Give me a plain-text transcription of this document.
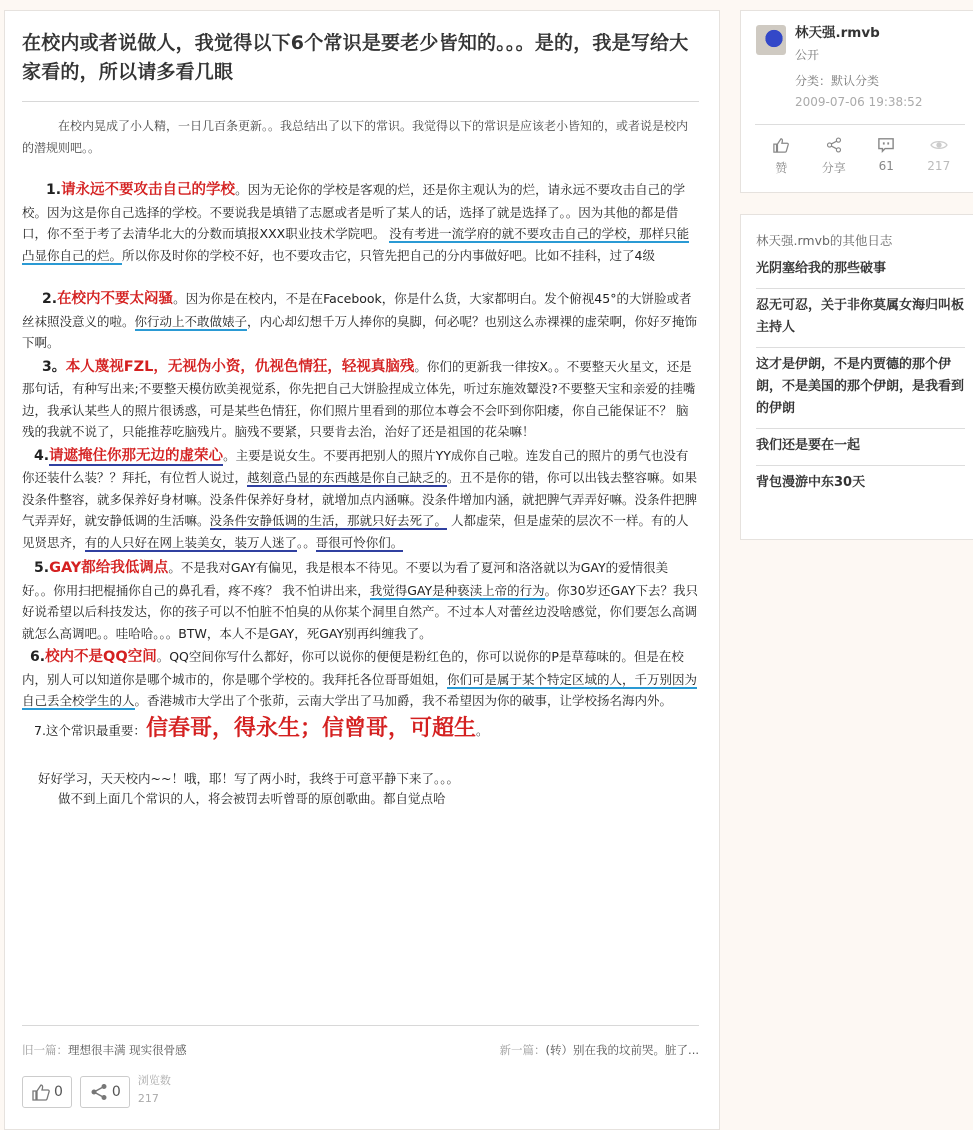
在校内或者说做人，我觉得以下6个常识是要老少皆知的。。。是的，我是写给大家看的，所以请多看几眼

在校内晃成了小人精，一日几百条更新。。我总结出了以下的常识。我觉得以下的常识是应该老小皆知的，或者说是校内的潜规则吧。。

1.请永远不要攻击自己的学校。因为无论你的学校是客观的烂，还是你主观认为的烂，请永远不要攻击自己的学校。因为这是你自己选择的学校。不要说我是填错了志愿或者是听了某人的话，选择了就是选择了。。因为其他的都是借口，你不至于考了去清华北大的分数而填报XXX职业技术学院吧。 没有考进一流学府的就不要攻击自己的学校，那样只能凸显你自己的烂。所以你及时你的学校不好，也不要攻击它，只管先把自己的分内事做好吧。比如不挂科，过了4级

2.在校内不要太闷骚。因为你是在校内，不是在Facebook，你是什么货，大家都明白。发个俯视45°的大饼脸或者丝袜照没意义的啦。你行动上不敢做婊子，内心却幻想千万人捧你的臭脚，何必呢？也别这么赤裸裸的虚荣啊，你好歹掩饰下啊。

3。本人蔑视FZL，无视伪小资，仇视色情狂，轻视真脑残。你们的更新我一律按X。。不要整天火星文，还是那句话，有种写出来;不要整天模仿欧美视觉系，你先把自己大饼脸捏成立体先，听过东施效颦没?不要整天宝和亲爱的挂嘴边，我承认某些人的照片很诱惑，可是某些色情狂，你们照片里看到的那位本尊会不会吓到你阳痿，你自己能保证不？ 脑残的我就不说了，只能推荐吃脑残片。脑残不要紧，只要肯去治，治好了还是祖国的花朵嘛！

4.请遮掩住你那无边的虚荣心。主要是说女生。不要再把别人的照片YY成你自己啦。连发自己的照片的勇气也没有你还装什么装？？拜托，有位哲人说过，越刻意凸显的东西越是你自己缺乏的。丑不是你的错，你可以出钱去整容嘛。如果没条件整容，就多保养好身材嘛。没条件保养好身材，就增加点内涵嘛。没条件增加内涵，就把脾气弄弄好嘛。没条件把脾气弄弄好，就安静低调的生活嘛。没条件安静低调的生活，那就只好去死了。 人都虚荣，但是虚荣的层次不一样。有的人见贤思齐，有的人只好在网上装美女，装万人迷了。。哥很可怜你们。

5.GAY都给我低调点。不是我对GAY有偏见，我是根本不待见。不要以为看了夏河和洛洛就以为GAY的爱情很美好。。你用扫把棍捅你自己的鼻孔看，疼不疼？ 我不怕讲出来，我觉得GAY是种亵渎上帝的行为。你30岁还GAY下去？我只好说希望以后科技发达，你的孩子可以不怕脏不怕臭的从你某个洞里自然产。不过本人对蕾丝边没啥感觉，你们要怎么高调就怎么高调吧。。哇哈哈。。。BTW，本人不是GAY，死GAY别再纠缠我了。

6.校内不是QQ空间。QQ空间你写什么都好，你可以说你的便便是粉红色的，你可以说你的P是草莓味的。但是在校内，别人可以知道你是哪个城市的，你是哪个学校的。我拜托各位哥哥姐姐，你们可是属于某个特定区域的人，千万别因为自己丢全校学生的人。香港城市大学出了个张茆，云南大学出了马加爵，我不希望因为你的破事，让学校扬名海内外。

7.这个常识最重要：信春哥，得永生；信曾哥，可超生。

好好学习，天天校内~~！哦，耶！写了两小时，我终于可意平静下来了。。。

做不到上面几个常识的人，将会被罚去听曾哥的原创歌曲。都自觉点哈

旧一篇：理想很丰满 现实很骨感	新一篇：(转）别在我的坟前哭。脏了...
0	0
浏览数
217
林天强.rmvb
公开
分类：默认分类
2009-07-06 19:38:52
赞	分享	61	217
林天强.rmvb的其他日志
光阴塞给我的那些破事
忍无可忍，关于非你莫属女海归叫板主持人
这才是伊朗，不是内贾德的那个伊朗，不是美国的那个伊朗，是我看到的伊朗
我们还是要在一起
背包漫游中东30天
